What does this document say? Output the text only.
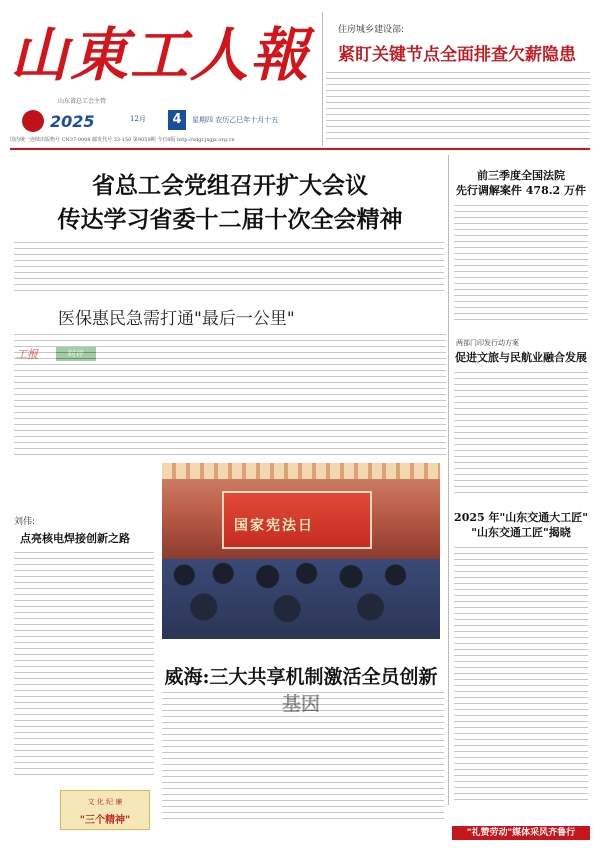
山東工人報
2025	12月	4	星期四 农历乙巳年十月十五
山东省总工会主管
国内统一连续出版物号 CN37-0008 邮发代号 23-150 第9059期 今日8版 http://sdgr.jxgjx.org.cn
住房城乡建设部:
紧盯关键节点全面排查欠薪隐患
省总工会党组召开扩大会议
传达学习省委十二届十次全会精神
前三季度全国法院
先行调解案件 478.2 万件
两部门印发行动方案
促进文旅与民航业融合发展
2025 年"山东交通大工匠"
"山东交通工匠"揭晓
医保惠民急需打通"最后一公里"
国家宪法日
刘伟:
点亮核电焊接创新之路
威海:三大共享机制激活全员创新
文 化 纪 廉
"三个精神"
"礼赞劳动"媒体采风齐鲁行
